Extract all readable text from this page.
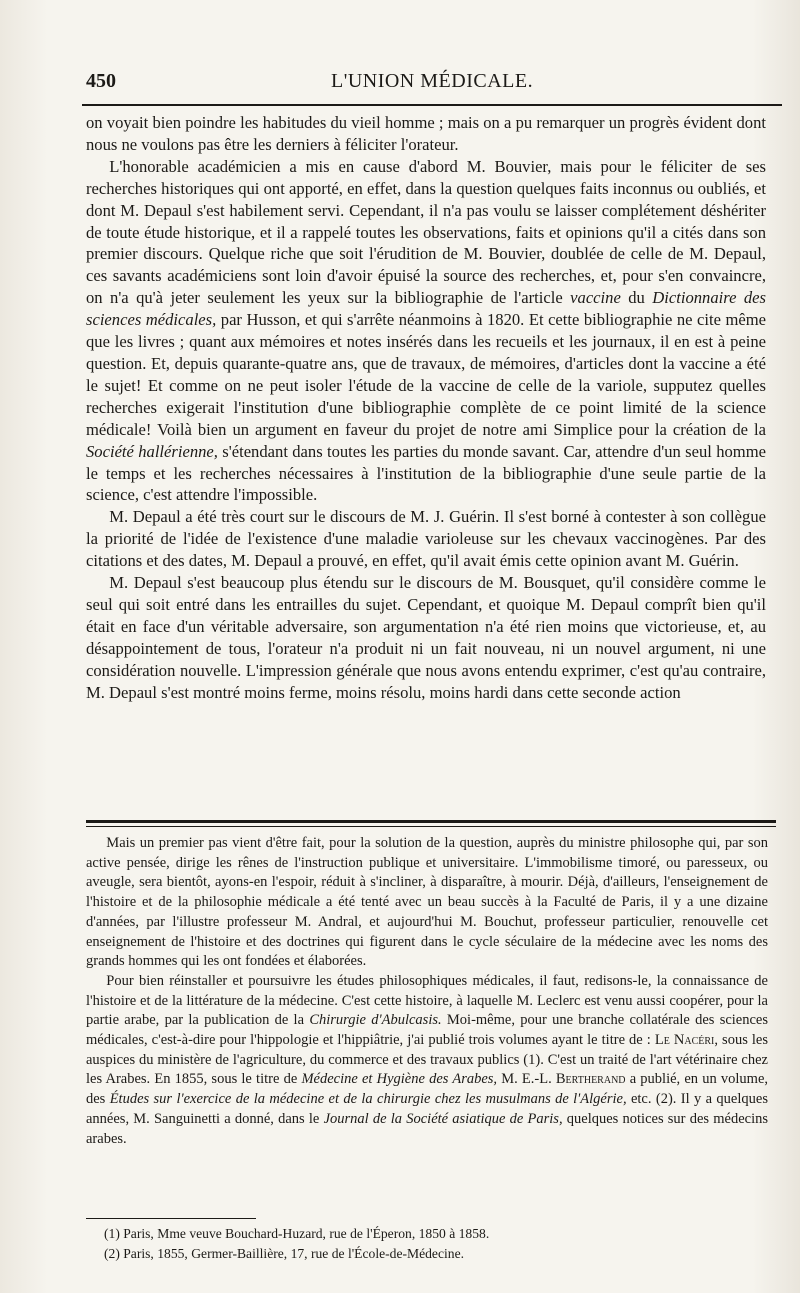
450	L'UNION MÉDICALE.

on voyait bien poindre les habitudes du vieil homme ; mais on a pu remarquer un progrès évident dont nous ne voulons pas être les derniers à féliciter l'orateur.

L'honorable académicien a mis en cause d'abord M. Bouvier, mais pour le féliciter de ses recherches historiques qui ont apporté, en effet, dans la question quelques faits inconnus ou oubliés, et dont M. Depaul s'est habilement servi. Cependant, il n'a pas voulu se laisser complétement déshériter de toute étude historique, et il a rappelé toutes les observations, faits et opinions qu'il a cités dans son premier discours. Quelque riche que soit l'érudition de M. Bouvier, doublée de celle de M. Depaul, ces savants académiciens sont loin d'avoir épuisé la source des recherches, et, pour s'en convaincre, on n'a qu'à jeter seulement les yeux sur la bibliographie de l'article vaccine du Dictionnaire des sciences médicales, par Husson, et qui s'arrête néanmoins à 1820. Et cette bibliographie ne cite même que les livres ; quant aux mémoires et notes insérés dans les recueils et les journaux, il en est à peine question. Et, depuis quarante-quatre ans, que de travaux, de mémoires, d'articles dont la vaccine a été le sujet! Et comme on ne peut isoler l'étude de la vaccine de celle de la variole, supputez quelles recherches exigerait l'institution d'une bibliographie complète de ce point limité de la science médicale! Voilà bien un argument en faveur du projet de notre ami Simplice pour la création de la Société hallérienne, s'étendant dans toutes les parties du monde savant. Car, attendre d'un seul homme le temps et les recherches nécessaires à l'institution de la bibliographie d'une seule partie de la science, c'est attendre l'impossible.

M. Depaul a été très court sur le discours de M. J. Guérin. Il s'est borné à contester à son collègue la priorité de l'idée de l'existence d'une maladie varioleuse sur les chevaux vaccinogènes. Par des citations et des dates, M. Depaul a prouvé, en effet, qu'il avait émis cette opinion avant M. Guérin.

M. Depaul s'est beaucoup plus étendu sur le discours de M. Bousquet, qu'il considère comme le seul qui soit entré dans les entrailles du sujet. Cependant, et quoique M. Depaul comprît bien qu'il était en face d'un véritable adversaire, son argumentation n'a été rien moins que victorieuse, et, au désappointement de tous, l'orateur n'a produit ni un fait nouveau, ni un nouvel argument, ni une considération nouvelle. L'impression générale que nous avons entendu exprimer, c'est qu'au contraire, M. Depaul s'est montré moins ferme, moins résolu, moins hardi dans cette seconde action

Mais un premier pas vient d'être fait, pour la solution de la question, auprès du ministre philosophe qui, par son active pensée, dirige les rênes de l'instruction publique et universitaire. L'immobilisme timoré, ou paresseux, ou aveugle, sera bientôt, ayons-en l'espoir, réduit à s'incliner, à disparaître, à mourir. Déjà, d'ailleurs, l'enseignement de l'histoire et de la philosophie médicale a été tenté avec un beau succès à la Faculté de Paris, il y a une dizaine d'années, par l'illustre professeur M. Andral, et aujourd'hui M. Bouchut, professeur particulier, renouvelle cet enseignement de l'histoire et des doctrines qui figurent dans le cycle séculaire de la médecine avec les noms des grands hommes qui les ont fondées et élaborées.

Pour bien réinstaller et poursuivre les études philosophiques médicales, il faut, redisons-le, la connaissance de l'histoire et de la littérature de la médecine. C'est cette histoire, à laquelle M. Leclerc est venu aussi coopérer, pour la partie arabe, par la publication de la Chirurgie d'Abulcasis. Moi-même, pour une branche collatérale des sciences médicales, c'est-à-dire pour l'hippologie et l'hippiâtrie, j'ai publié trois volumes ayant le titre de : Le Nacéri, sous les auspices du ministère de l'agriculture, du commerce et des travaux publics (1). C'est un traité de l'art vétérinaire chez les Arabes. En 1855, sous le titre de Médecine et Hygiène des Arabes, M. E.-L. Bertherand a publié, en un volume, des Études sur l'exercice de la médecine et de la chirurgie chez les musulmans de l'Algérie, etc. (2). Il y a quelques années, M. Sanguinetti a donné, dans le Journal de la Société asiatique de Paris, quelques notices sur des médecins arabes.

(1) Paris, Mme veuve Bouchard-Huzard, rue de l'Éperon, 1850 à 1858.
(2) Paris, 1855, Germer-Baillière, 17, rue de l'École-de-Médecine.
